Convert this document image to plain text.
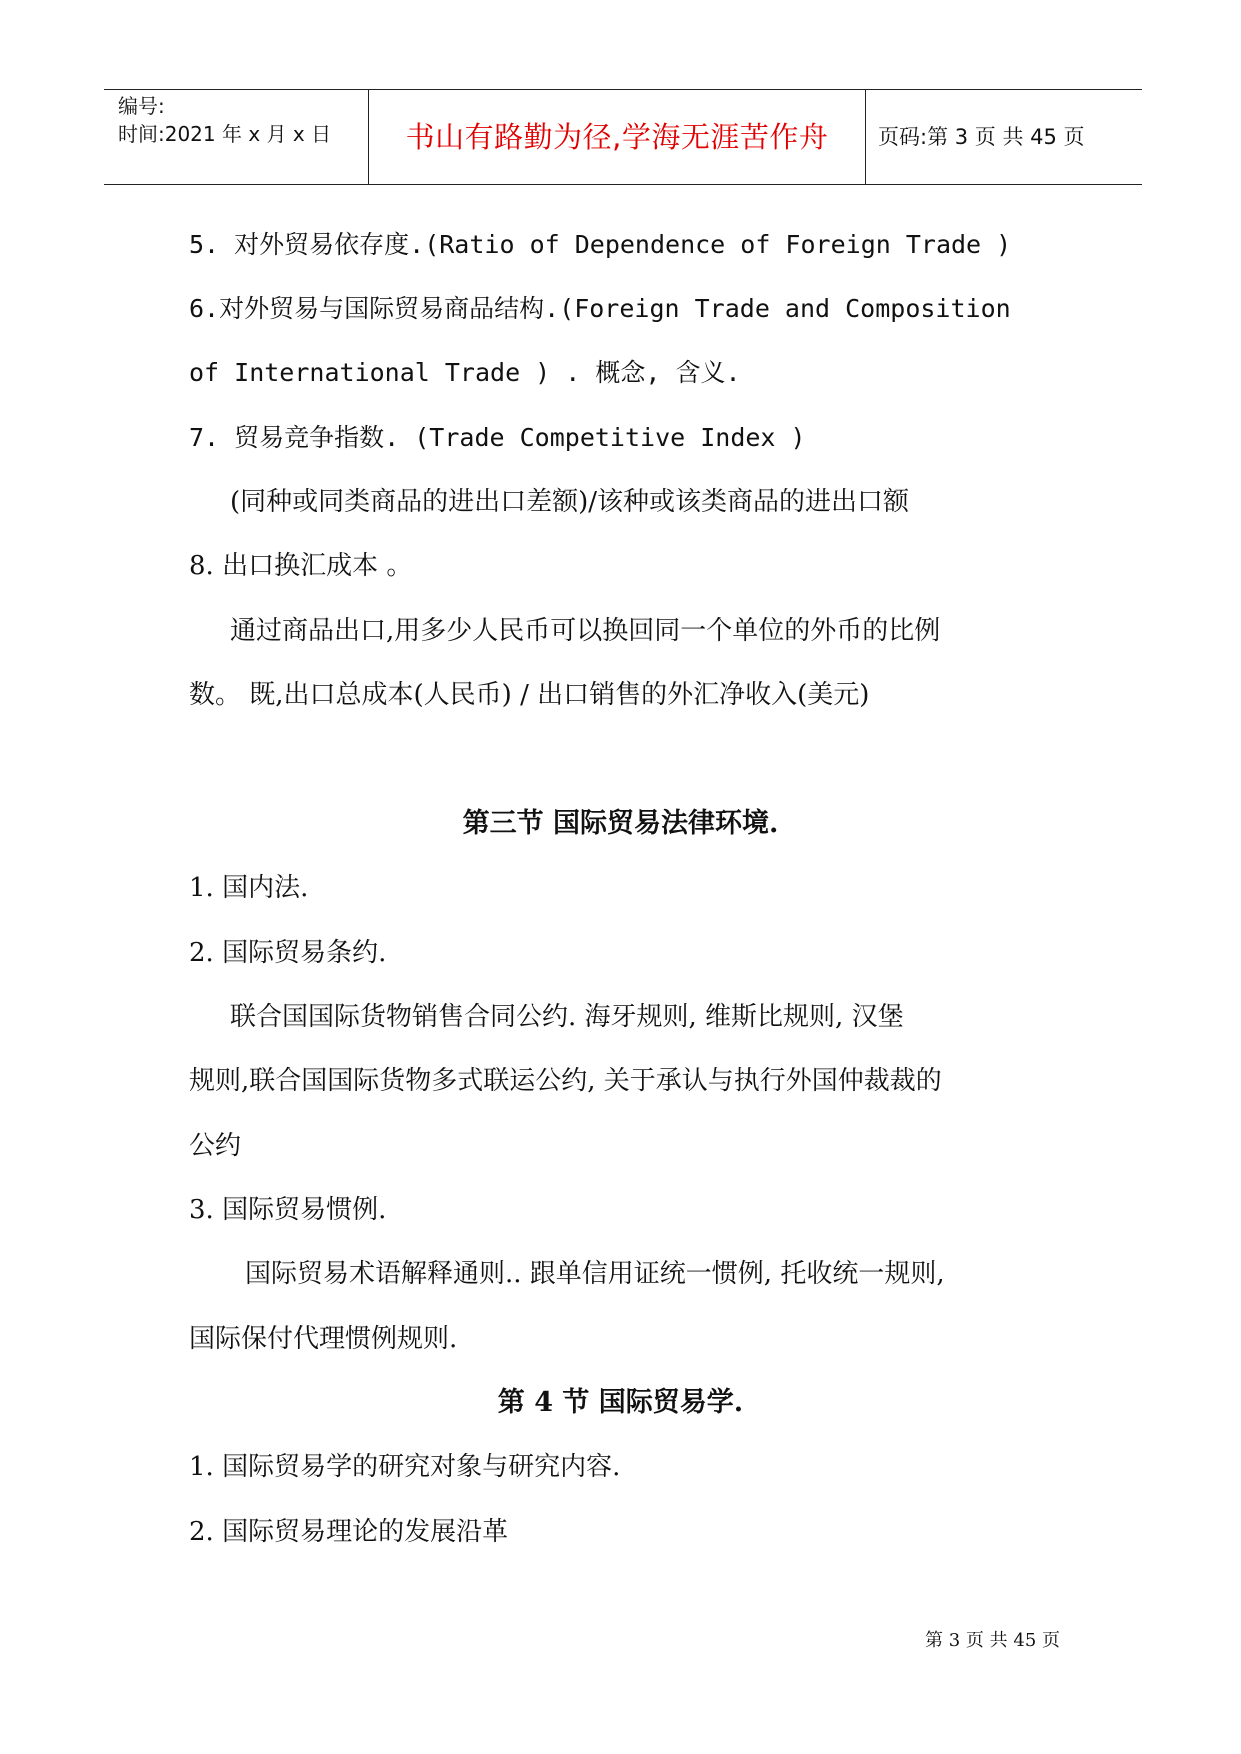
编号:
时间:2021 年 x 月 x 日	书山有路勤为径,学海无涯苦作舟	页码:第 3 页 共 45 页
5. 对外贸易依存度.(Ratio of Dependence of Foreign Trade )
6.对外贸易与国际贸易商品结构.(Foreign Trade and Composition
of International Trade ) . 概念, 含义.
7. 贸易竞争指数. (Trade Competitive Index )
(同种或同类商品的进出口差额)/该种或该类商品的进出口额
8. 出口换汇成本 。
通过商品出口,用多少人民币可以换回同一个单位的外币的比例
数。 既,出口总成本(人民币) / 出口销售的外汇净收入(美元)
第三节 国际贸易法律环境.
1. 国内法.
2. 国际贸易条约.
联合国国际货物销售合同公约. 海牙规则, 维斯比规则, 汉堡
规则,联合国国际货物多式联运公约, 关于承认与执行外国仲裁裁的
公约
3. 国际贸易惯例.
国际贸易术语解释通则.. 跟单信用证统一惯例, 托收统一规则,
国际保付代理惯例规则.
第 4 节 国际贸易学.
1. 国际贸易学的研究对象与研究内容.
2. 国际贸易理论的发展沿革
第 3 页 共 45 页
